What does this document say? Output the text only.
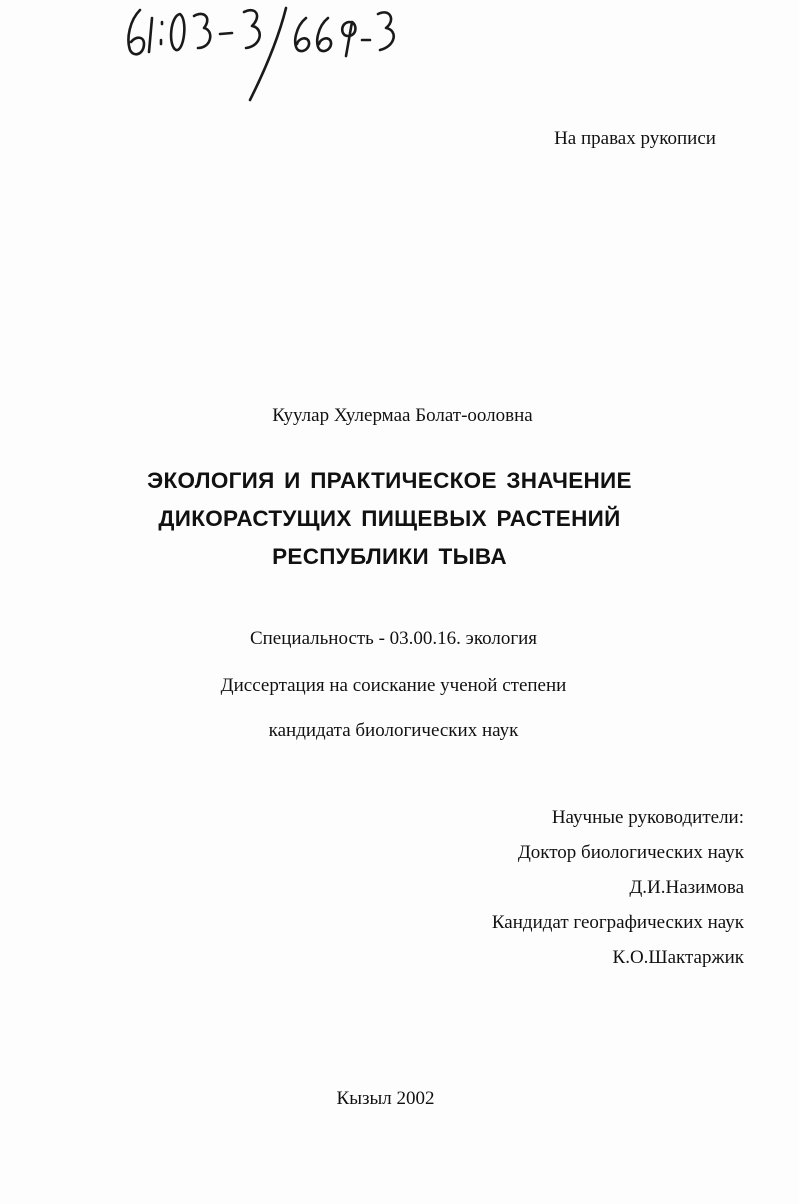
На правах рукописи
Куулар Хулермаа Болат-ооловна
ЭКОЛОГИЯ И ПРАКТИЧЕСКОЕ ЗНАЧЕНИЕ
ДИКОРАСТУЩИХ ПИЩЕВЫХ РАСТЕНИЙ
РЕСПУБЛИКИ ТЫВА
Специальность - 03.00.16. экология
Диссертация на соискание ученой степени
кандидата биологических наук
Научные руководители:
Доктор биологических наук
Д.И.Назимова
Кандидат географических наук
К.О.Шактаржик
Кызыл 2002
